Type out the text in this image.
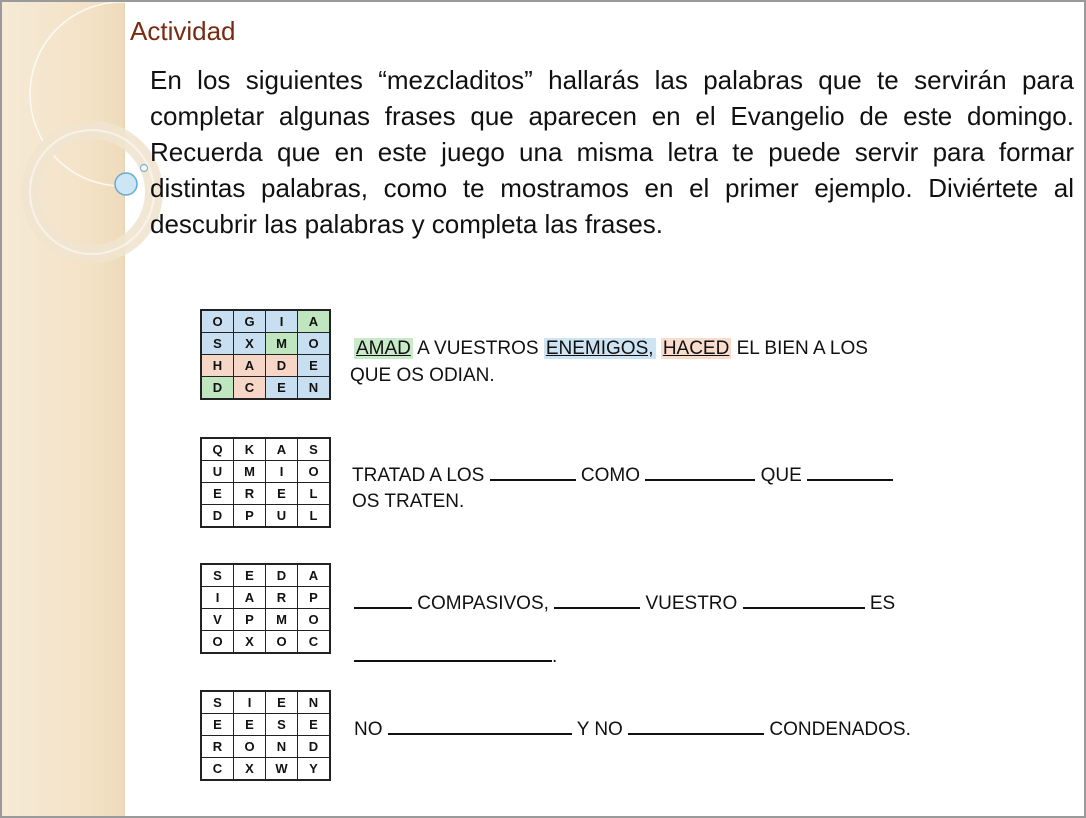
Actividad
En los siguientes “mezcladitos” hallarás las palabras que te servirán para completar algunas frases que aparecen en el Evangelio de este domingo. Recuerda que en este juego una misma letra te puede servir para formar distintas palabras, como te mostramos en el primer ejemplo. Diviértete al descubrir las palabras y completa las frases.
O	G	I	A
S	X	M	O
H	A	D	E
D	C	E	N
AMAD A VUESTROS ENEMIGOS, HACED EL BIEN A LOS
QUE OS ODIAN.
Q	K	A	S
U	M	I	O
E	R	E	L
D	P	U	L
TRATAD A LOS	COMO	QUE
OS TRATEN.
S	E	D	A
I	A	R	P
V	P	M	O
O	X	O	C
COMPASIVOS,	VUESTRO	ES
.
S	I	E	N
E	E	S	E
R	O	N	D
C	X	W	Y
NO	Y NO	CONDENADOS.
